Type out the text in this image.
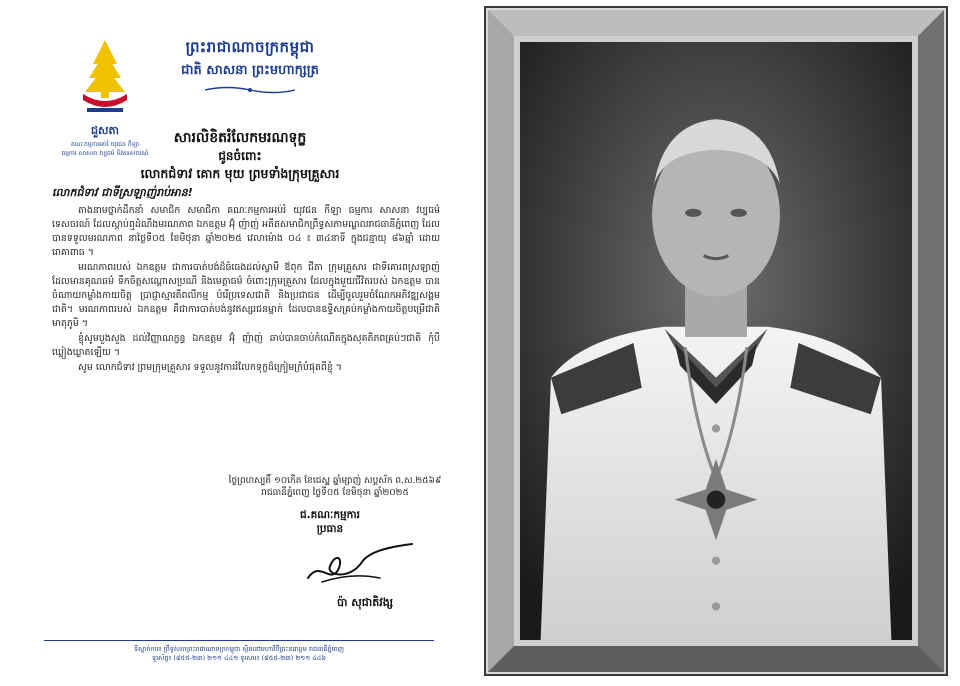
ជួសតា
គណៈកម្មការអប់រំ យុវជន កីឡា
ធម្មការ សាសនា វប្បធម៌ និងទេសចរណ៍
ព្រះរាជាណាចក្រកម្ពុជា
ជាតិ សាសនា ព្រះមហាក្សត្រ
សារលិខិតរំលែកមរណទុក្ខ
ជូនចំពោះ
លោកជំទាវ គោក មុយ ព្រមទាំងក្រុមគ្រួសារ
លោកជំទាវ ជាទីស្រឡាញ់រាប់អាន!

តាងនាមថ្នាក់ដឹកនាំ សមាជិក សមាជិកា គណៈកម្មការអប់រំ យុវជន កីឡា ធម្មការ សាសនា វប្បធម៌ ទេសចរណ៍ ដែលស្ដាប់ឮដំណឹងមរណភាព ឯកឧត្ដម អ៊ុំ ញ៉ាញ់ អតីតសមាជិកព្រឹទ្ធសភាមណ្ឌលរាជធានីភ្នំពេញ ដែលបានទទួលមរណភាព នាថ្ងៃទី០៥ ខែមិថុនា ឆ្នាំ២០២៥ វេលាម៉ោង ០៤ ៖ ៣៤នាទី ក្នុងជន្មាយុ ៨៦ឆ្នាំ ដោយរោគាពាធ ។

មរណភាពរបស់ ឯកឧត្ដម ជាការបាត់បង់ដ៏ធំធេងដល់ស្វាមី ឪពុក ជីតា ក្រុមគ្រួសារ ជាទីគោរពស្រឡាញ់ ដែលមានគុណធម៌ ទឹកចិត្តសណ្ដោសប្រណី និងមេត្តាធម៌ ចំពោះក្រុមគ្រួសារ ដែលក្នុងមួយជីវិតរបស់ ឯកឧត្ដម បានចំណាយកម្លាំងកាយចិត្ត ប្រាជ្ញាស្មារតីពលីកម្ម បំរើប្រទេសជាតិ និងប្រជាជន ដើម្បីចូលរួមចំណែកអភិវឌ្ឍសង្គមជាតិ។ មរណភាពរបស់ ឯកឧត្ដម គឺជាការបាត់បង់នូវឥស្សរជនម្នាក់ ដែលបានឧទ្ទិសគ្រប់កម្លាំងកាយចិត្តបម្រើជាតិមាតុភូមិ ។

ខ្ញុំសូមបួងសួង ដល់វិញ្ញាណក្ខន្ធ ឯកឧត្ដម អ៊ុំ ញ៉ាញ់ ឆាប់បានចាប់កំណើតក្នុងសុគតិភពគ្រប់ៗជាតិ កុំបីឃ្លៀងឃ្លាតឡើយ ។

សូម លោកជំទាវ ព្រមក្រុមគ្រួសារ ទទួលនូវការរំលែកទុក្ខដ៏ក្រៀមក្រំបំផុតពីខ្ញុំ ។

ថ្ងៃព្រហស្បតិ៍ ១០កើត ខែជេស្ឋ ឆ្នាំម្សាញ់ សប្តស័ក ព.ស.២៥៦៩
រាជធានីភ្នំពេញ ថ្ងៃទី០៥ ខែមិថុនា ឆ្នាំ២០២៥
ជ.គណៈកម្មការ
ប្រធាន
ប៉ា សុជាតិវង្ស
ទីស្នាក់ការ៖ ព្រឹទ្ធសភាព្រះរាជាណាចក្រកម្ពុជា ស្ថិតនៅមហាវិថីព្រះនរោត្តម រាជធានីភ្នំពេញ
ទូរស័ព្ទ៖ (៨៥៥-២៣) ២១១ ៤៤១ ទូរសារ៖ (៨៥៥-២៣) ២១១ ៤៤៦
